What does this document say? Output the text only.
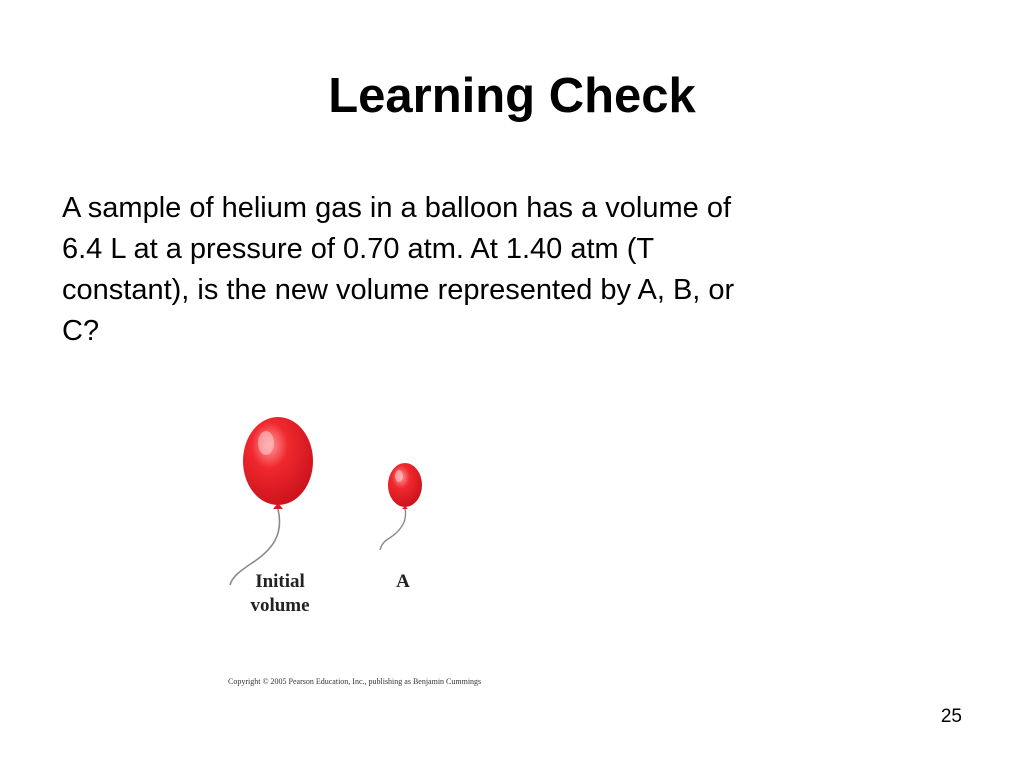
Learning Check

A sample of helium gas in a balloon has a volume of
6.4 L at a pressure of 0.70 atm. At 1.40 atm (T
constant), is the new volume represented by A, B, or
C?

Initial
volume
A
Copyright © 2005 Pearson Education, Inc., publishing as Benjamin Cummings
25
